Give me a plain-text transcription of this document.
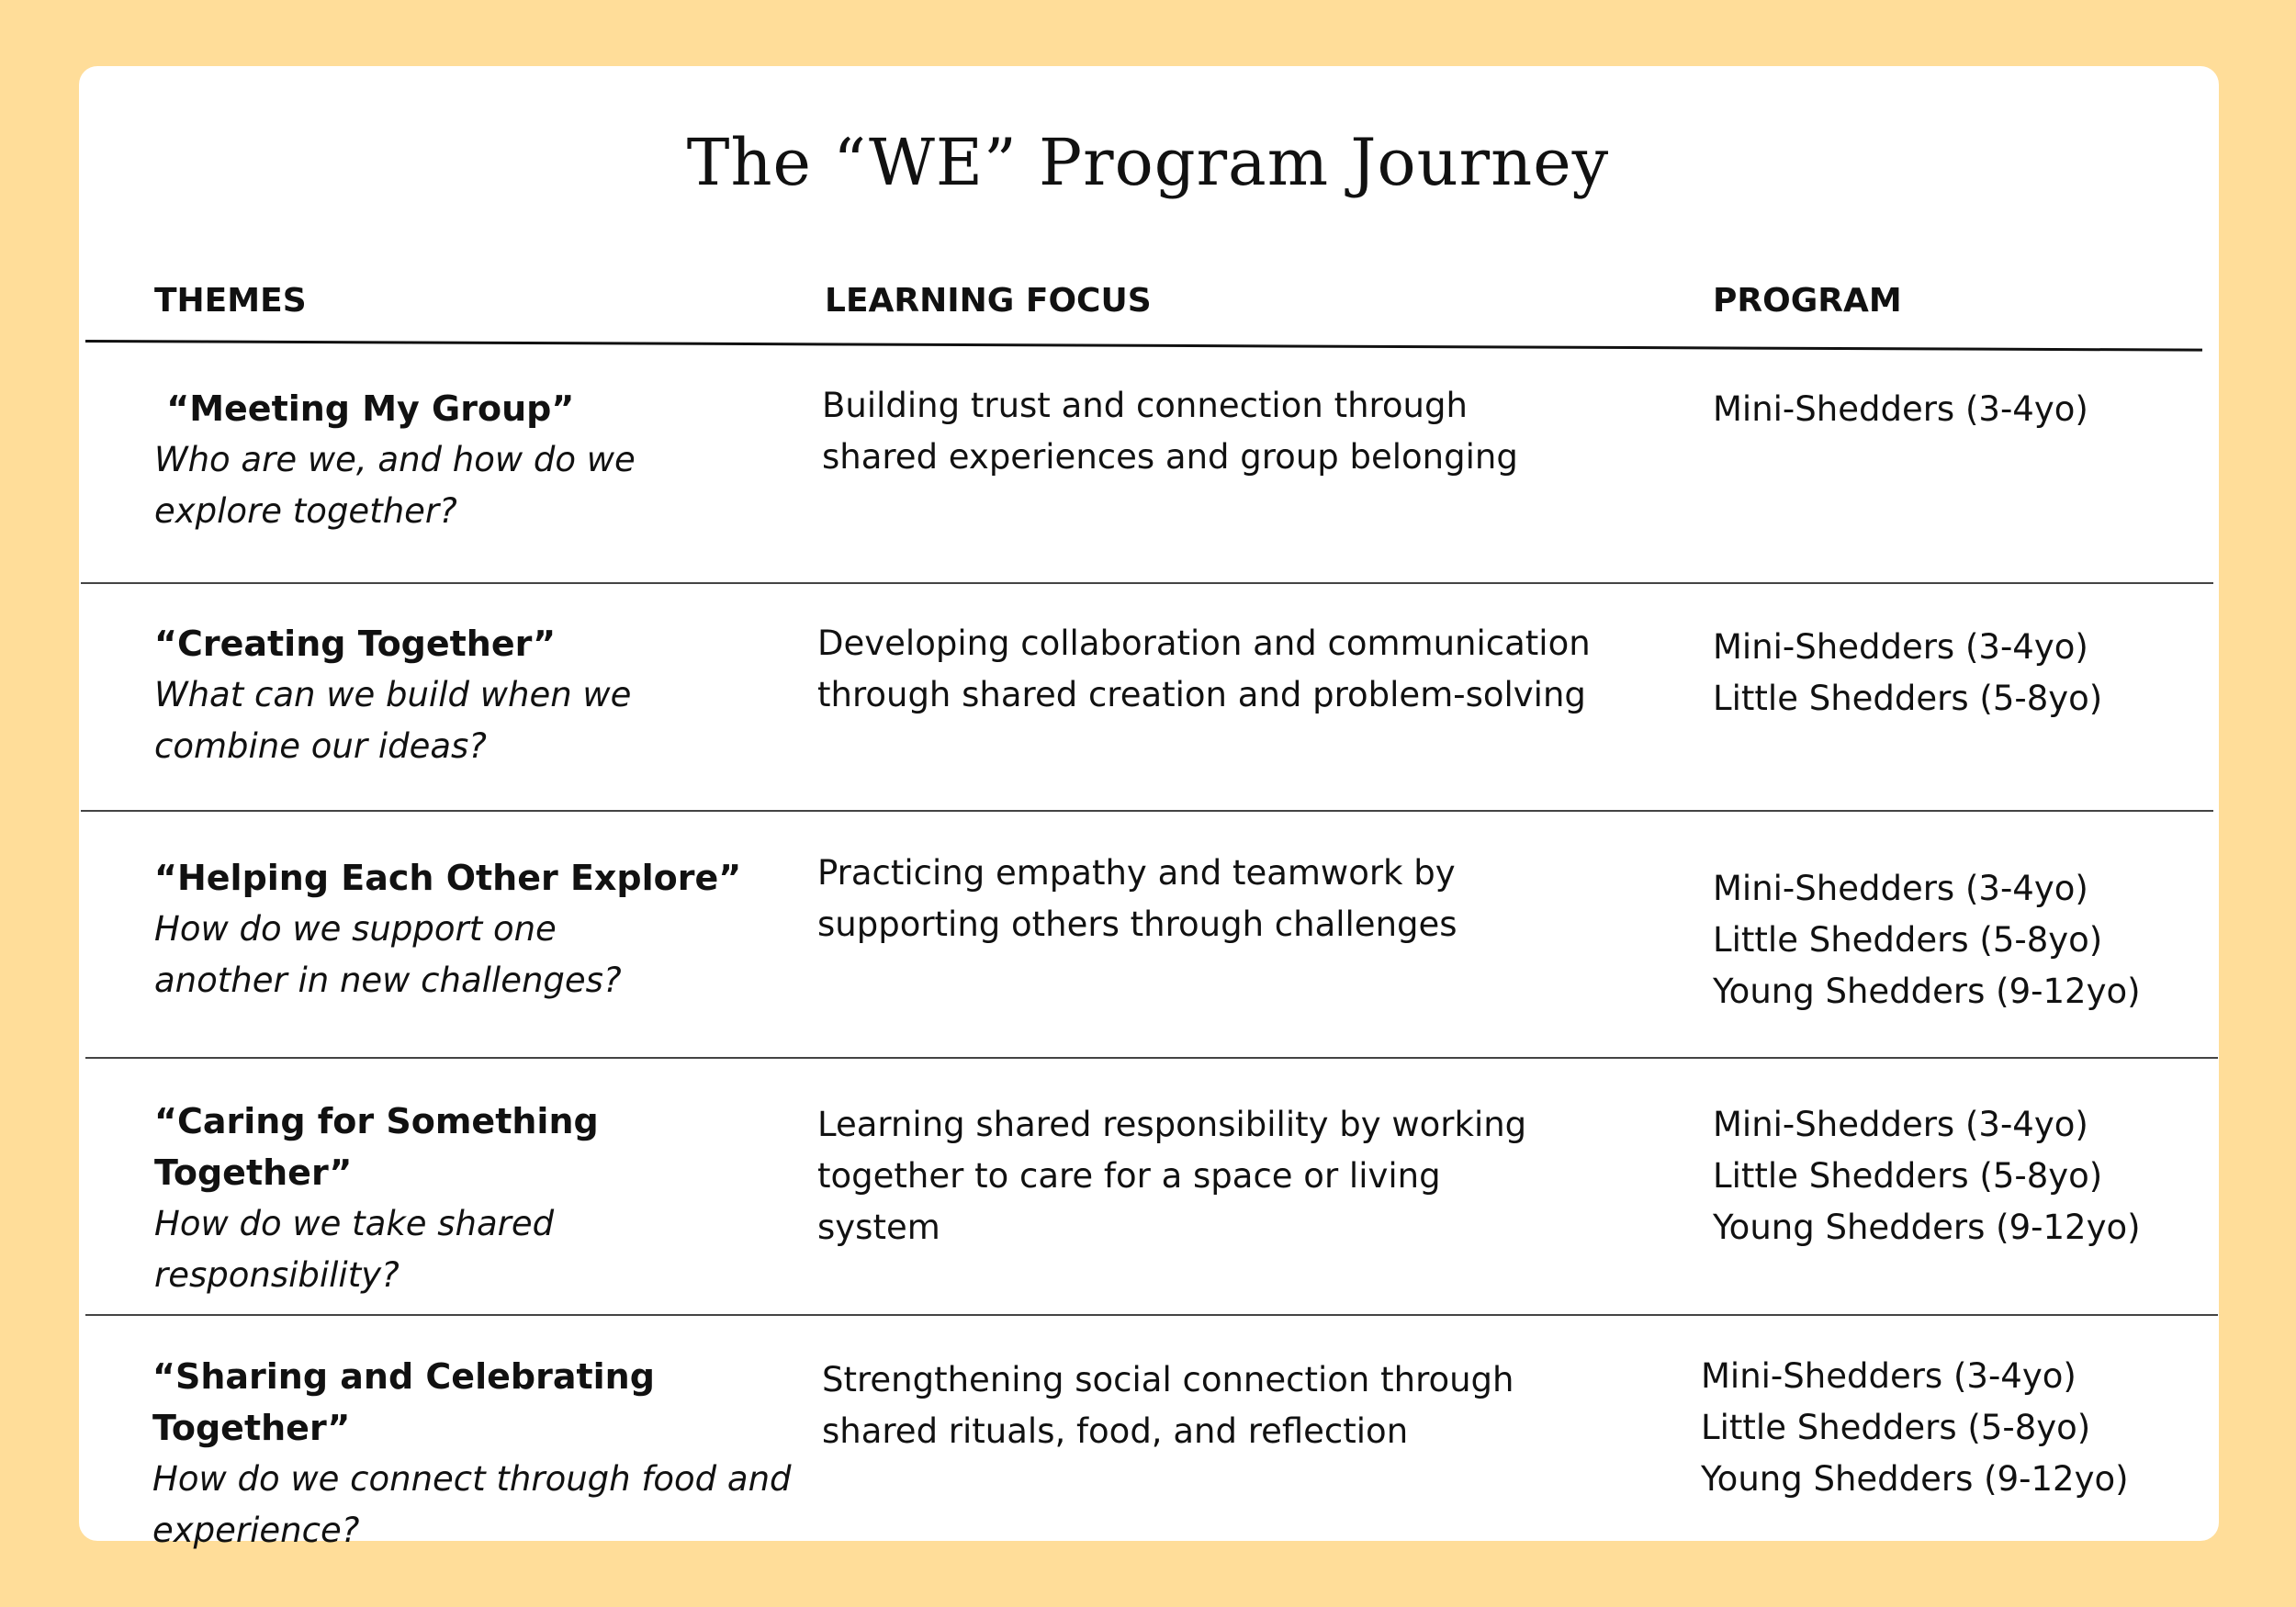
The “WE” Program Journey
THEMES	LEARNING FOCUS	PROGRAM
“Meeting My Group”
Who are we, and how do we
explore together?
Building trust and connection through
shared experiences and group belonging
Mini-Shedders (3-4yo)
“Creating Together”
What can we build when we
combine our ideas?
Developing collaboration and communication
through shared creation and problem-solving
Mini-Shedders (3-4yo)
Little Shedders (5-8yo)
“Helping Each Other Explore”
How do we support one
another in new challenges?
Practicing empathy and teamwork by
supporting others through challenges
Mini-Shedders (3-4yo)
Little Shedders (5-8yo)
Young Shedders (9-12yo)
“Caring for Something Together”
How do we take shared
responsibility?
Learning shared responsibility by working
together to care for a space or living
system
Mini-Shedders (3-4yo)
Little Shedders (5-8yo)
Young Shedders (9-12yo)
“Sharing and Celebrating Together”
How do we connect through food and
experience?
Strengthening social connection through
shared rituals, food, and reflection
Mini-Shedders (3-4yo)
Little Shedders (5-8yo)
Young Shedders (9-12yo)
